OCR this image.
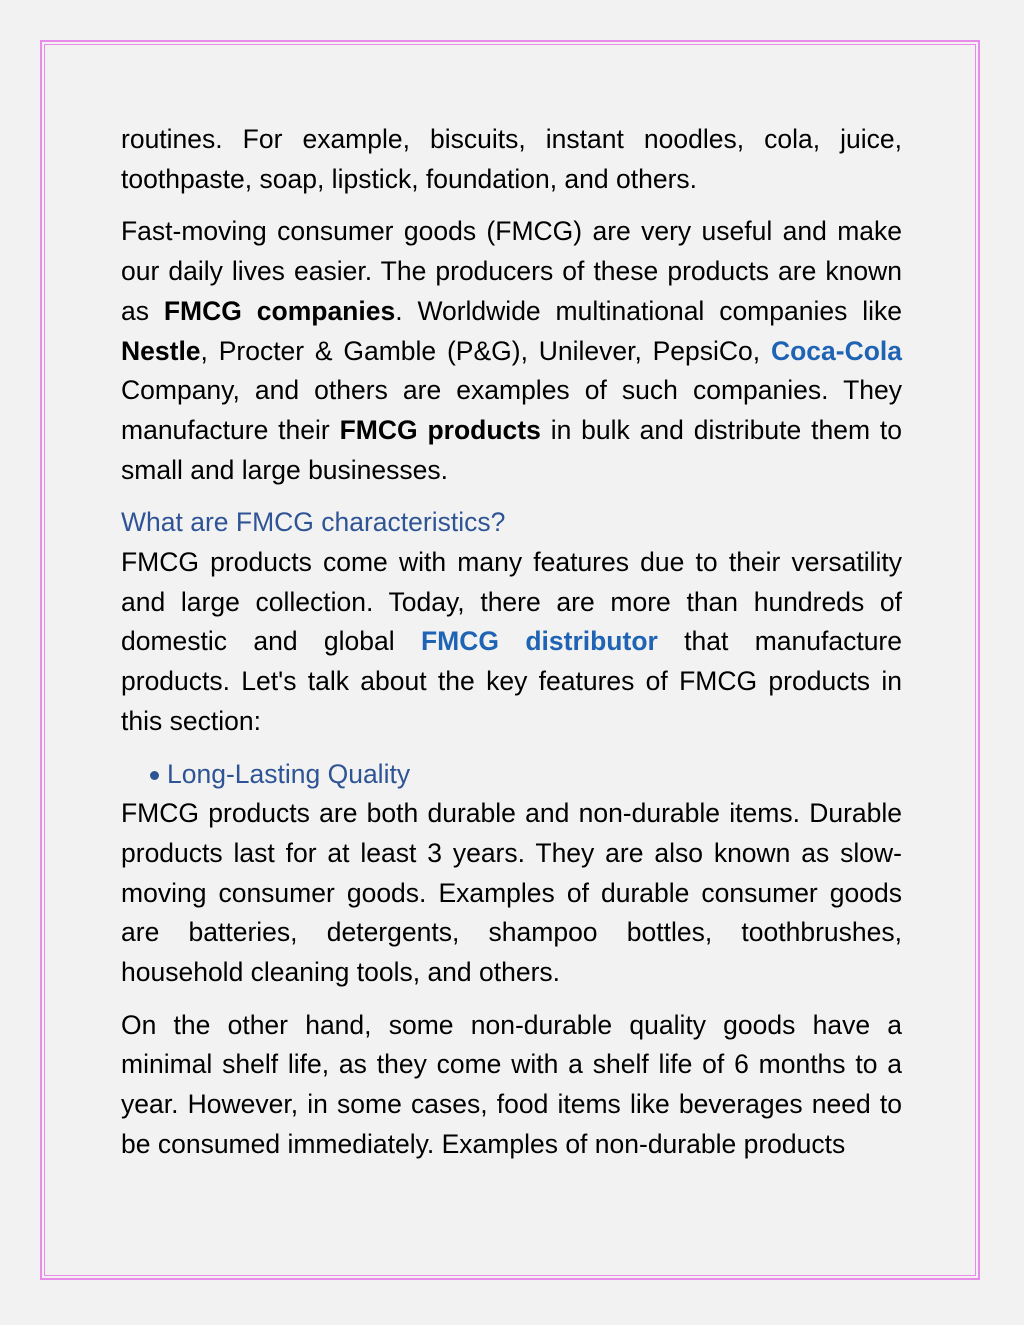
routines. For example, biscuits, instant noodles, cola, juice, toothpaste, soap, lipstick, foundation, and others.

Fast-moving consumer goods (FMCG) are very useful and make our daily lives easier. The producers of these products are known as FMCG companies. Worldwide multinational companies like Nestle, Procter & Gamble (P&G), Unilever, PepsiCo, Coca-Cola Company, and others are examples of such companies. They manufacture their FMCG products in bulk and distribute them to small and large businesses.

What are FMCG characteristics?

FMCG products come with many features due to their versatility and large collection. Today, there are more than hundreds of domestic and global FMCG distributor that manufacture products. Let's talk about the key features of FMCG products in this section:

Long-Lasting Quality

FMCG products are both durable and non-durable items. Durable products last for at least 3 years. They are also known as slow-moving consumer goods. Examples of durable consumer goods are batteries, detergents, shampoo bottles, toothbrushes, household cleaning tools, and others.

On the other hand, some non-durable quality goods have a minimal shelf life, as they come with a shelf life of 6 months to a year. However, in some cases, food items like beverages need to be consumed immediately. Examples of non-durable products
